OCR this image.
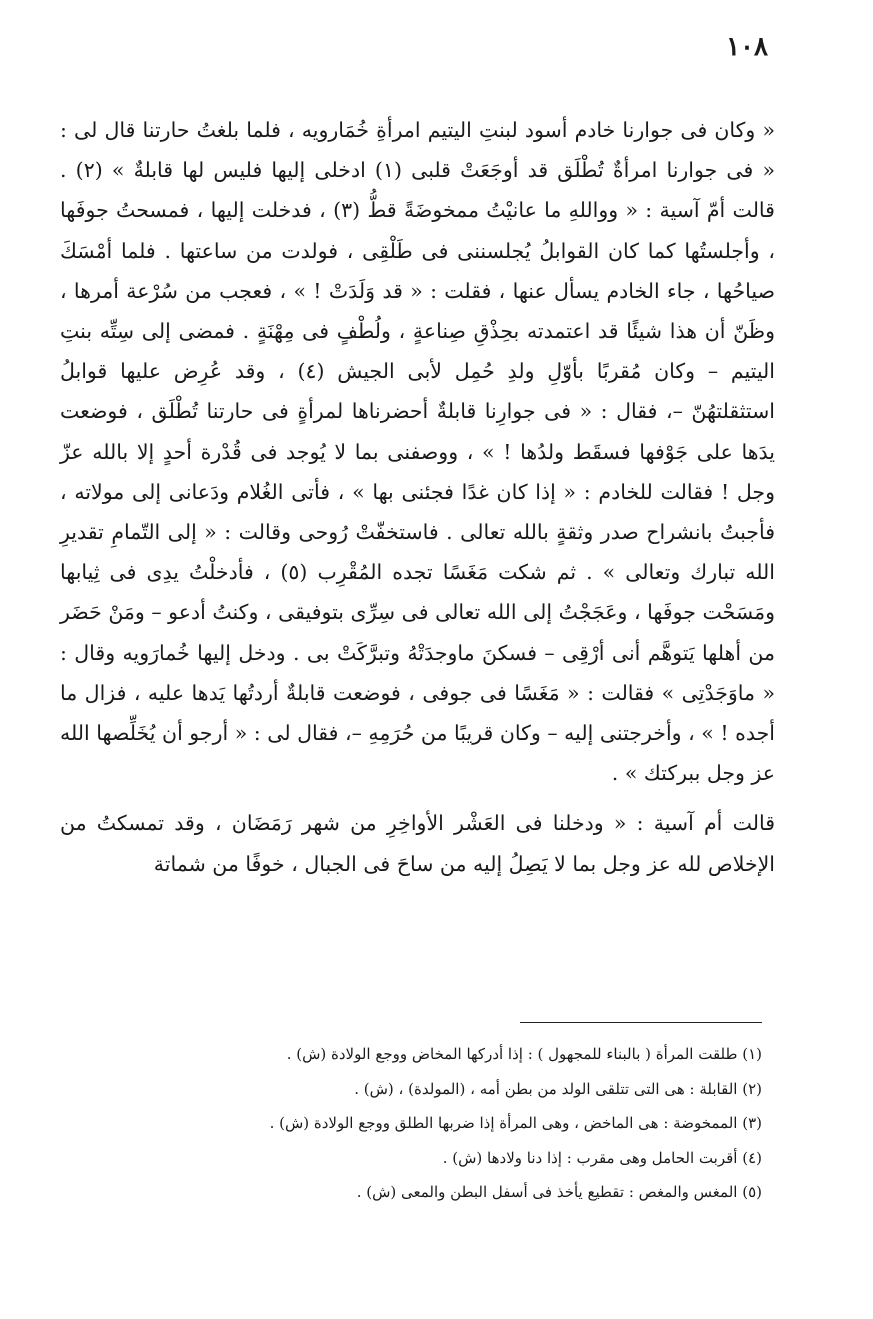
١٠٨

« وكان فى جوارنا خادم أسود لبنتِ اليتيم امرأةِ خُمَارويه ، فلما بلغتُ حارتنا قال لى : « فى جوارنا امرأةٌ تُطْلَق قد أوجَعَتْ قلبى (١) ادخلى إليها فليس لها قابلةٌ » (٢) . قالت أمّ آسية : « وواللهِ ما عانيْتُ ممخوضَةً قطُّ (٣) ، فدخلت إليها ، فمسحتُ جوفَها ، وأجلستُها كما كان القوابلُ يُجلسننى فى طَلْقِى ، فولدت من ساعتها . فلما أمْسَكَ صياحُها ، جاء الخادم يسأل عنها ، فقلت : « قد وَلَدَتْ ! » ، فعجب من سُرْعة أمرها ، وظَنّ أن هذا شيئًا قد اعتمدته بحِذْقِ صِناعةٍ ، ولُطْفٍ فى مِهْنَةٍ . فمضى إلى سِتِّه بنتِ اليتيم – وكان مُقربًا بأوّلِ ولدِ حُمِل لأبى الجيش (٤) ، وقد عُرِض عليها قوابلُ استثقلتهُنّ –، فقال : « فى جوارِنا قابلةٌ أحضرناها لمرأةٍ فى حارتنا تُطْلَق ، فوضعت يدَها على جَوْفها فسقَط ولدُها ! » ، ووصفنى بما لا يُوجد فى قُدْرة أحدٍ إلا بالله عزّ وجل ! فقالت للخادم : « إذا كان غدًا فجئنى بها » ، فأتى الغُلام ودَعانى إلى مولاته ، فأجبتُ بانشراح صدر وثقةٍ بالله تعالى . فاستخفّتْ رُوحى وقالت : « إلى التّمامِ تقديرِ الله تبارك وتعالى » . ثم شكت مَغَسًا تجده المُقْرِب (٥) ، فأدخلْتُ يدِى فى ثِيابها ومَسَحْت جوفَها ، وعَجَجْتُ إلى الله تعالى فى سِرِّى بتوفيقى ، وكنتُ أدعو – ومَنْ حَضَر من أهلها يَتوهَّم أنى أرْقِى – فسكنَ ماوجدَتْهُ وتبرَّكَتْ بى . ودخل إليها خُمارَويه وقال : « ماوَجَدْتِى » فقالت : « مَغَسًا فى جوفى ، فوضعت قابلةٌ أردتُها يَدها عليه ، فزال ما أجده ! » ، وأخرجتنى إليه – وكان قريبًا من حُرَمِهِ –، فقال لى : « أرجو أن يُخَلِّصها الله عز وجل ببركتك » .

قالت أم آسية : « ودخلنا فى العَشْر الأواخِرِ من شهر رَمَضَان ، وقد تمسكتُ من الإخلاص لله عز وجل بما لا يَصِلُ إليه من ساحَ فى الجبال ، خوفًا من شماتة

(١) طلقت المرأة ( بالبناء للمجهول ) : إذا أدركها المخاض ووجع الولادة (ش) .
(٢) القابلة : هى التى تتلقى الولد من بطن أمه ، (المولدة) ، (ش) .
(٣) الممخوضة : هى الماخض ، وهى المرأة إذا ضربها الطلق ووجع الولادة (ش) .
(٤) أقربت الحامل وهى مقرب : إذا دنا ولادها (ش) .
(٥) المغس والمغص : تقطيع يأخذ فى أسفل البطن والمعى (ش) .
